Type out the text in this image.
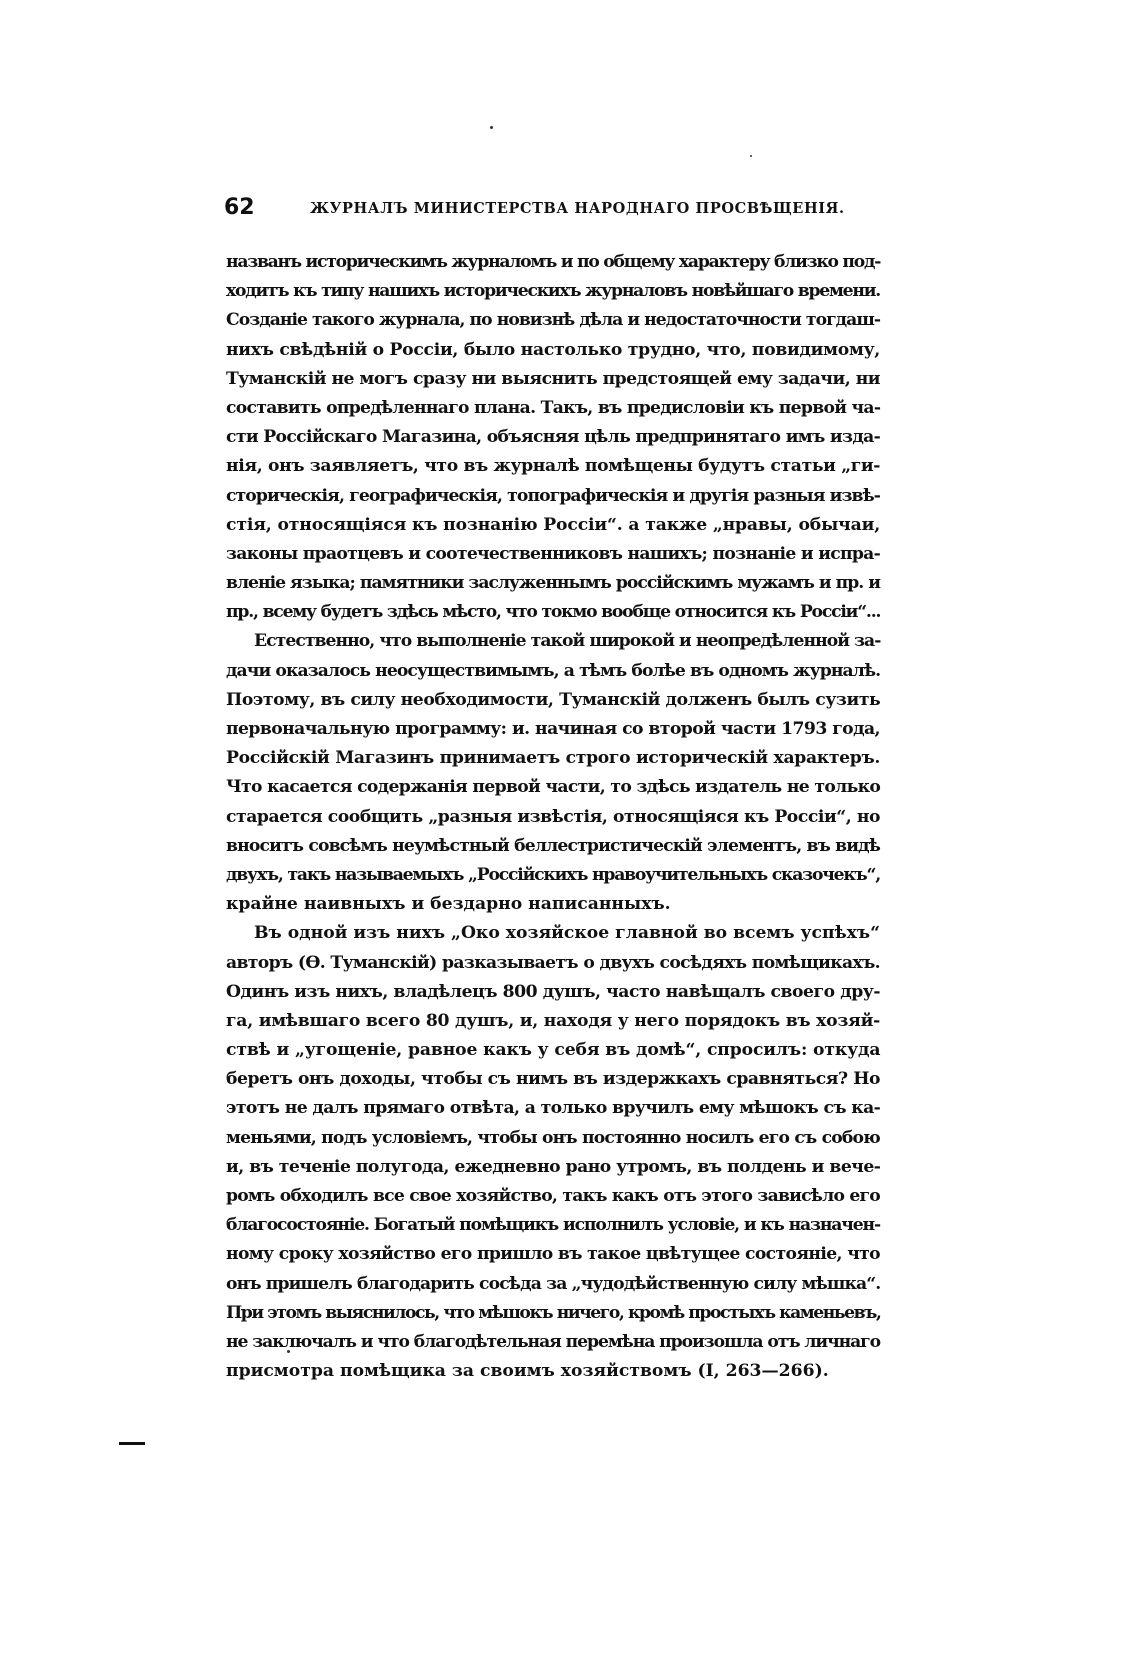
62	ЖУРНАЛЪ МИНИСТЕРСТВА НАРОДНАГО ПРОСВѢЩЕНІЯ.
названъ историческимъ журналомъ и по общему характеру близко под-
ходитъ къ типу нашихъ историческихъ журналовъ новѣйшаго времени.
Созданіе такого журнала, по новизнѣ дѣла и недостаточности тогдаш-
нихъ свѣдѣній о Россіи, было настолько трудно, что, повидимому,
Туманскій не могъ сразу ни выяснить предстоящей ему задачи, ни
составить опредѣленнаго плана. Такъ, въ предисловіи къ первой ча-
сти Россійскаго Магазина, объясняя цѣль предпринятаго имъ изда-
нія, онъ заявляетъ, что въ журналѣ помѣщены будутъ статьи „ги-
сторическія, географическія, топографическія и другія разныя извѣ-
стія, относящіяся къ познанію Россіи“. а также „нравы, обычаи,
законы праотцевъ и соотечественниковъ нашихъ; познаніе и испра-
вленіе языка; памятники заслуженнымъ россійскимъ мужамъ и пр. и
пр., всему будетъ здѣсь мѣсто, что токмо вообще относится къ Россіи“...
Естественно, что выполненіе такой широкой и неопредѣленной за-
дачи оказалось неосуществимымъ, а тѣмъ болѣе въ одномъ журналѣ.
Поэтому, въ силу необходимости, Туманскій долженъ былъ сузить
первоначальную программу: и. начиная со второй части 1793 года,
Россійскій Магазинъ принимаетъ строго историческій характеръ.
Что касается содержанія первой части, то здѣсь издатель не только
старается сообщить „разныя извѣстія, относящіяся къ Россіи“, но
вноситъ совсѣмъ неумѣстный беллестристическій элементъ, въ видѣ
двухъ, такъ называемыхъ „Россійскихъ нравоучительныхъ сказочекъ“,
крайне наивныхъ и бездарно написанныхъ.
Въ одной изъ нихъ „Око хозяйское главной во всемъ успѣхъ“
авторъ (Ѳ. Туманскій) разказываетъ о двухъ сосѣдяхъ помѣщикахъ.
Одинъ изъ нихъ, владѣлецъ 800 душъ, часто навѣщалъ своего дру-
га, имѣвшаго всего 80 душъ, и, находя у него порядокъ въ хозяй-
ствѣ и „угощеніе, равное какъ у себя въ домѣ“, спросилъ: откуда
беретъ онъ доходы, чтобы съ нимъ въ издержкахъ сравняться? Но
этотъ не далъ прямаго отвѣта, а только вручилъ ему мѣшокъ съ ка-
меньями, подъ условіемъ, чтобы онъ постоянно носилъ его съ собою
и, въ теченіе полугода, ежедневно рано утромъ, въ полдень и вече-
ромъ обходилъ все свое хозяйство, такъ какъ отъ этого зависѣло его
благосостояніе. Богатый помѣщикъ исполнилъ условіе, и къ назначен-
ному сроку хозяйство его пришло въ такое цвѣтущее состояніе, что
онъ пришелъ благодарить сосѣда за „чудодѣйственную силу мѣшка“.
При этомъ выяснилось, что мѣшокъ ничего, кромѣ простыхъ каменьевъ,
не заключалъ и что благодѣтельная перемѣна произошла отъ личнаго
присмотра помѣщика за своимъ хозяйствомъ (I, 263—266).
